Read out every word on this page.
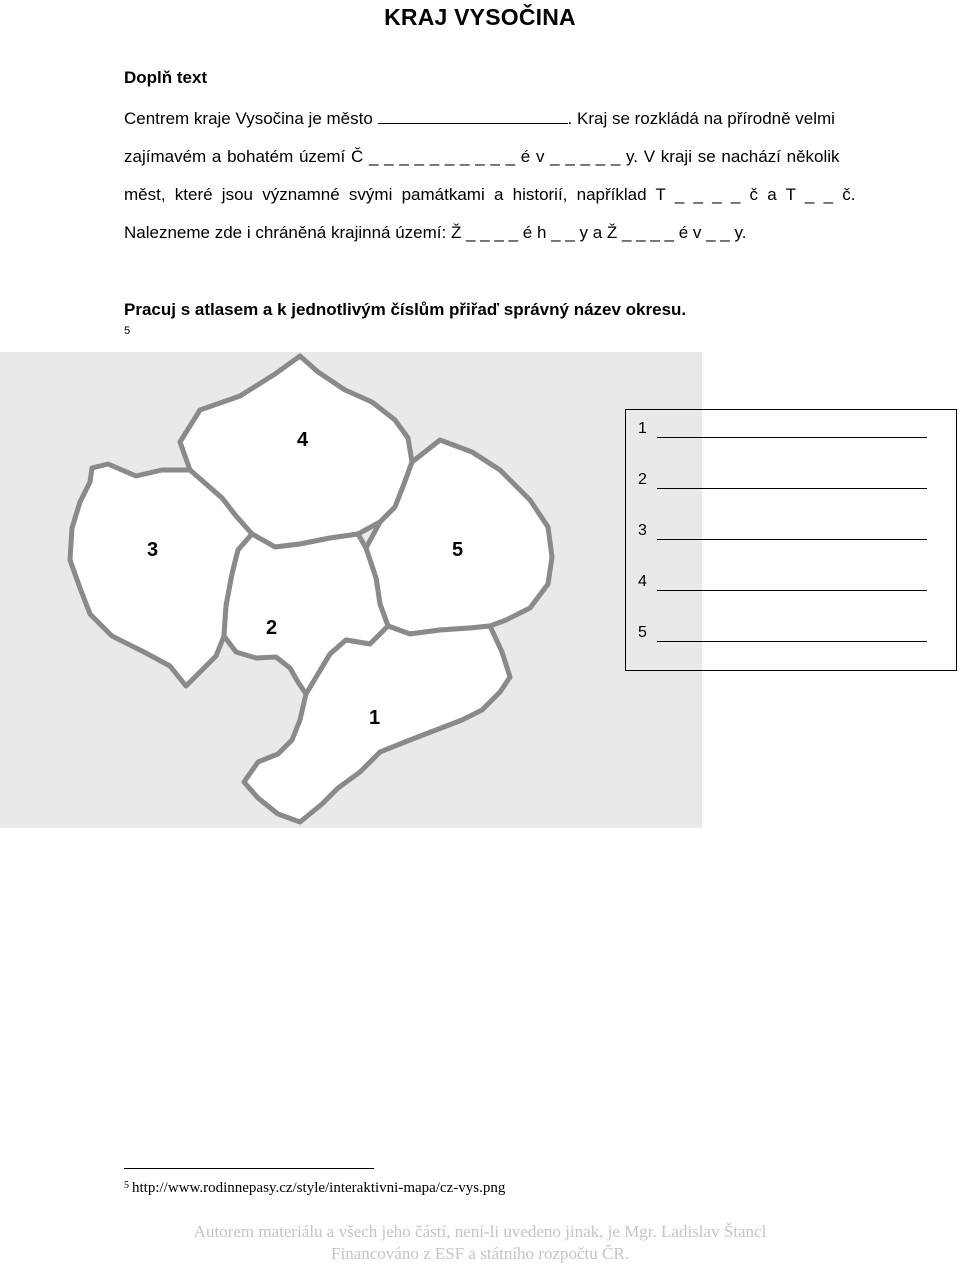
KRAJ VYSOČINA
Doplň text
Centrem kraje Vysočina je město	. Kraj se rozkládá na přírodně velmi
zajímavém a bohatém území Č _ _ _ _ _ _ _ _ _ _ é v _ _ _ _ _ y. V kraji se nachází několik
měst, které jsou významné svými památkami a historií, například T _ _ _ _ č a T _ _ č.
Nalezneme zde i chráněná krajinná území: Ž _ _ _ _ é h _ _ y a Ž _ _ _ _ é v _ _ y.
Pracuj s atlasem a k jednotlivým číslům přiřaď správný název okresu.
5
4
3	5
2
1
1
2
3
4
5
$^5$ http://www.rodinnepasy.cz/style/interaktivni-mapa/cz-vys.png
Autorem materiálu a všech jeho částí, není-li uvedeno jinak, je Mgr. Ladislav Štancl
Financováno z ESF a státního rozpočtu ČR.
